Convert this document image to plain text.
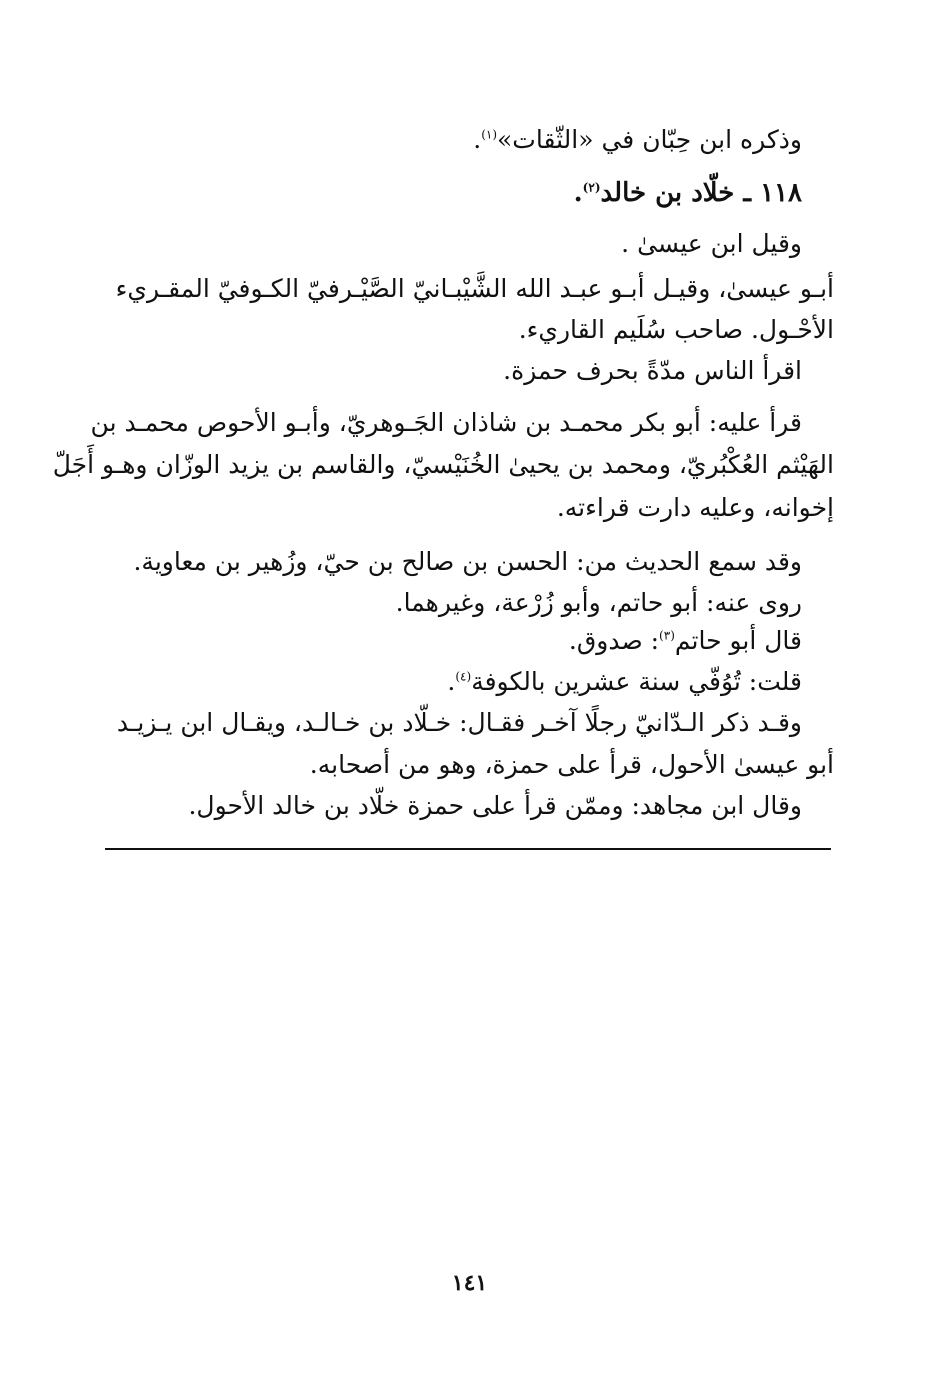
وذكره ابن حِبّان في «الثّقات»$^{(١)}$.
١١٨ ـ خلّاد بن خالد$^{(٢)}$.
وقيل ابن عيسىٰ .
أبـو عيسىٰ، وقيـل أبـو عبـد الله الشَّيْبـانيّ الصَّيْـرفيّ الكـوفيّ المقـريء
الأحْـول. صاحب سُلَيم القاريء.
اقرأ الناس مدّةً بحرف حمزة.
قرأ عليه: أبو بكر محمـد بن شاذان الجَـوهريّ، وأبـو الأحوص محمـد بن
الهَيْثم العُكْبُريّ، ومحمد بن يحيىٰ الخُنَيْسيّ، والقاسم بن يزيد الوزّان وهـو أَجَلّ
إخوانه، وعليه دارت قراءته.
وقد سمع الحديث من: الحسن بن صالح بن حيّ، وزُهير بن معاوية.
روى عنه: أبو حاتم، وأبو زُرْعة، وغيرهما.
قال أبو حاتم$^{(٣)}$: صدوق.
قلت: تُوُفّي سنة عشرين بالكوفة$^{(٤)}$.
وقـد ذكر الـدّانيّ رجلًا آخـر فقـال: خـلّاد بن خـالـد، ويقـال ابن يـزيـد
أبو عيسىٰ الأحول، قرأ على حمزة، وهو من أصحابه.
وقال ابن مجاهد: وممّن قرأ على حمزة خلّاد بن خالد الأحول.
١٤١
